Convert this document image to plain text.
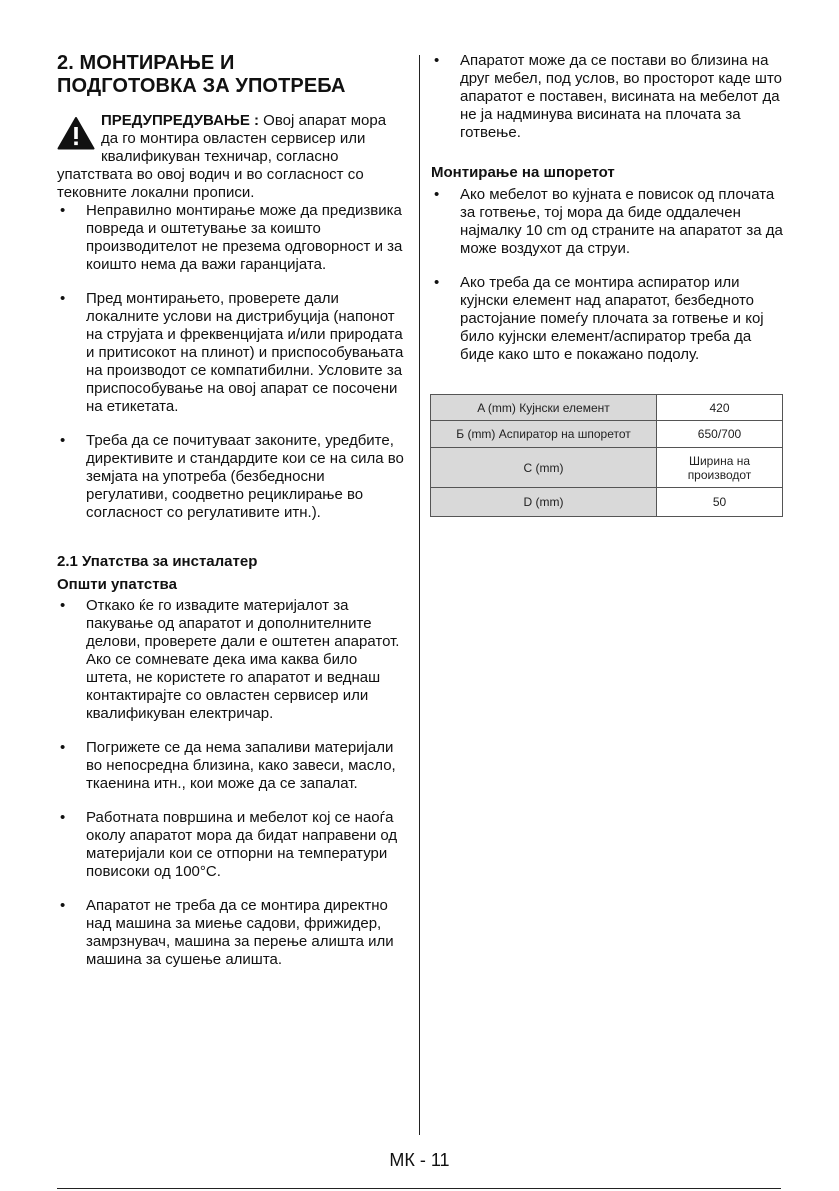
2. МОНТИРАЊЕ И
ПОДГОТОВКА ЗА УПОТРЕБА
ПРЕДУПРЕДУВАЊЕ : Овој апарат мора да го монтира овластен сервисер или квалификуван техничар, согласно упатствата во овој водич и во согласност со тековните локални прописи.
• Неправилно монтирање може да предизвика повреда и оштетување за коишто производителот не презема одговорност и за коишто нема да важи гаранцијата.
• Пред монтирањето, проверете дали локалните услови на дистрибуција (напонот на струјата и фреквенцијата и/или природата и притисокот на плинот) и приспособувањата на производот се компатибилни. Условите за приспособување на овој апарат се посочени на етикетата.
• Треба да се почитуваат законите, уредбите, директивите и стандардите кои се на сила во земјата на употреба (безбедносни регулативи, соодветно рециклирање во согласност со регулативите итн.).
2.1 Упатства за инсталатер
Општи упатства
• Откако ќе го извадите материјалот за пакување од апаратот и дополнителните делови, проверете дали е оштетен апаратот. Ако се сомневате дека има каква било штета, не користете го апаратот и веднаш контактирајте со овластен сервисер или квалификуван електричар.
• Погрижете се да нема запаливи материјали во непосредна близина, како завеси, масло, ткаенина итн., кои може да се запалат.
• Работната површина и мебелот кој се наоѓа околу апаратот мора да бидат направени од материјали кои се отпорни на температури повисоки од 100°C.
• Апаратот не треба да се монтира директно над машина за миење садови, фрижидер, замрзнувач, машина за перење алишта или машина за сушење алишта.
• Апаратот може да се постави во близина на друг мебел, под услов, во просторот каде што апаратот е поставен, висината на мебелот да не ја надминува висината на плочата за готвење.
Монтирање на шпоретот
• Ако мебелот во кујната е повисок од плочата за готвење, тој мора да биде оддалечен најмалку 10 cm од страните на апаратот за да може воздухот да струи.
• Ако треба да се монтира аспиратор или кујнски елемент над апаратот, безбедното растојание помеѓу плочата за готвење и кој било кујнски елемент/аспиратор треба да биде како што е покажано подолу.
A (mm) Кујнски елемент	420
Б (mm) Аспиратор на шпоретот	650/700
C (mm)	Ширина на производот
D (mm)	50
МК - 11
